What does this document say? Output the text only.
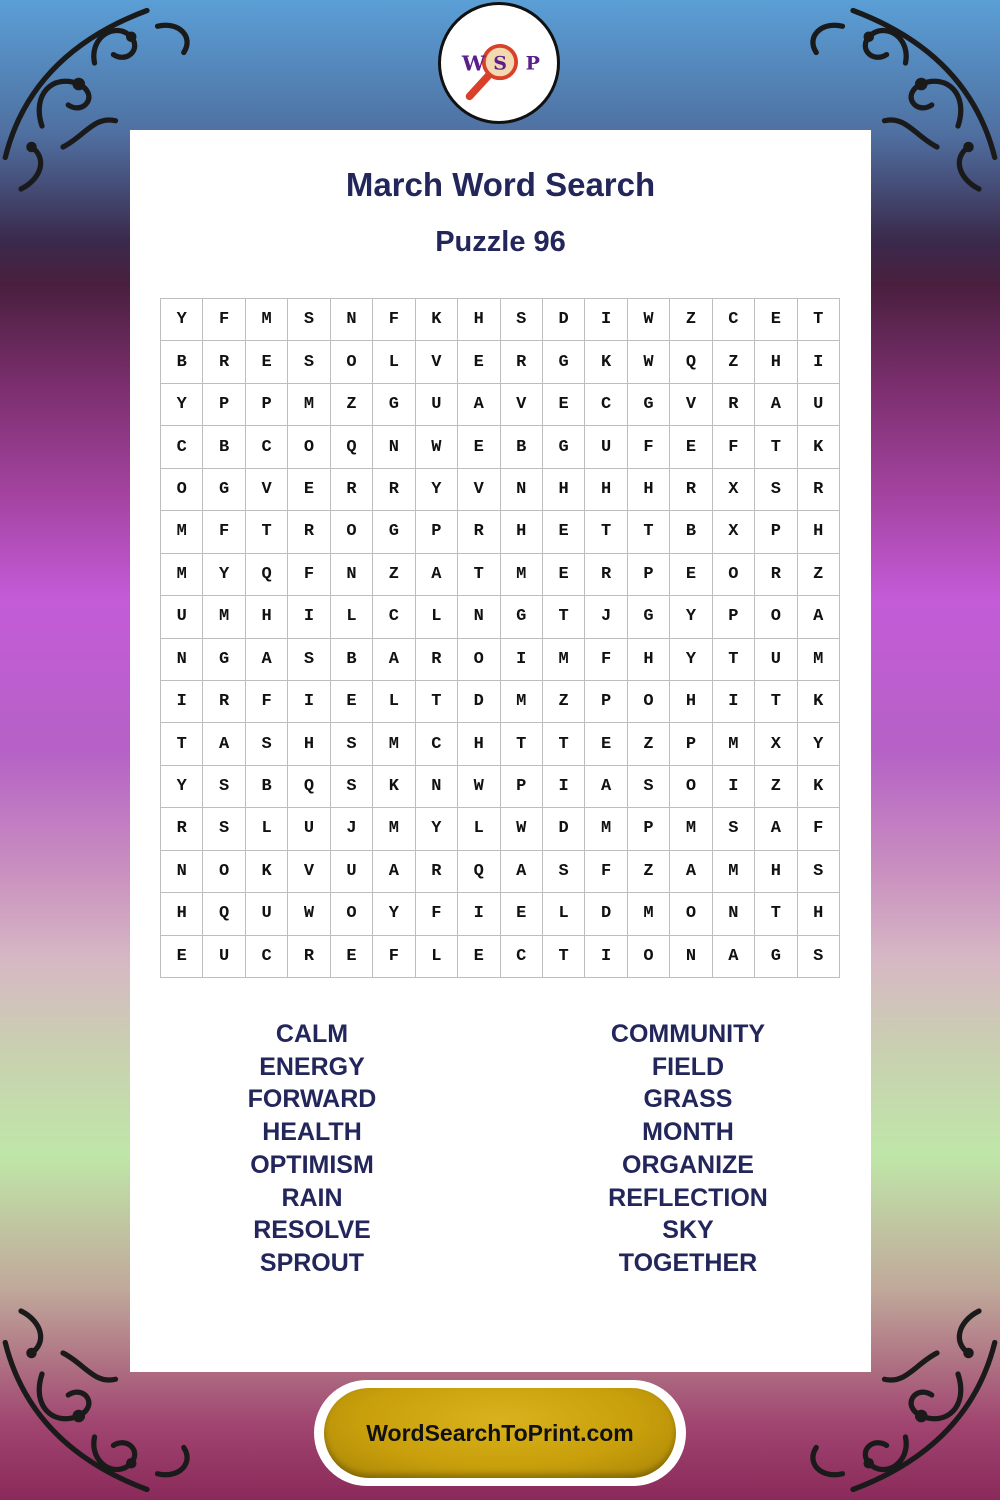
W S P
March Word Search
Puzzle 96
Y	F	M	S	N	F	K	H	S	D	I	W	Z	C	E	T
B	R	E	S	O	L	V	E	R	G	K	W	Q	Z	H	I
Y	P	P	M	Z	G	U	A	V	E	C	G	V	R	A	U
C	B	C	O	Q	N	W	E	B	G	U	F	E	F	T	K
O	G	V	E	R	R	Y	V	N	H	H	H	R	X	S	R
M	F	T	R	O	G	P	R	H	E	T	T	B	X	P	H
M	Y	Q	F	N	Z	A	T	M	E	R	P	E	O	R	Z
U	M	H	I	L	C	L	N	G	T	J	G	Y	P	O	A
N	G	A	S	B	A	R	O	I	M	F	H	Y	T	U	M
I	R	F	I	E	L	T	D	M	Z	P	O	H	I	T	K
T	A	S	H	S	M	C	H	T	T	E	Z	P	M	X	Y
Y	S	B	Q	S	K	N	W	P	I	A	S	O	I	Z	K
R	S	L	U	J	M	Y	L	W	D	M	P	M	S	A	F
N	O	K	V	U	A	R	Q	A	S	F	Z	A	M	H	S
H	Q	U	W	O	Y	F	I	E	L	D	M	O	N	T	H
E	U	C	R	E	F	L	E	C	T	I	O	N	A	G	S
CALM
ENERGY
FORWARD
HEALTH
OPTIMISM
RAIN
RESOLVE
SPROUT
COMMUNITY
FIELD
GRASS
MONTH
ORGANIZE
REFLECTION
SKY
TOGETHER
WordSearchToPrint.com
